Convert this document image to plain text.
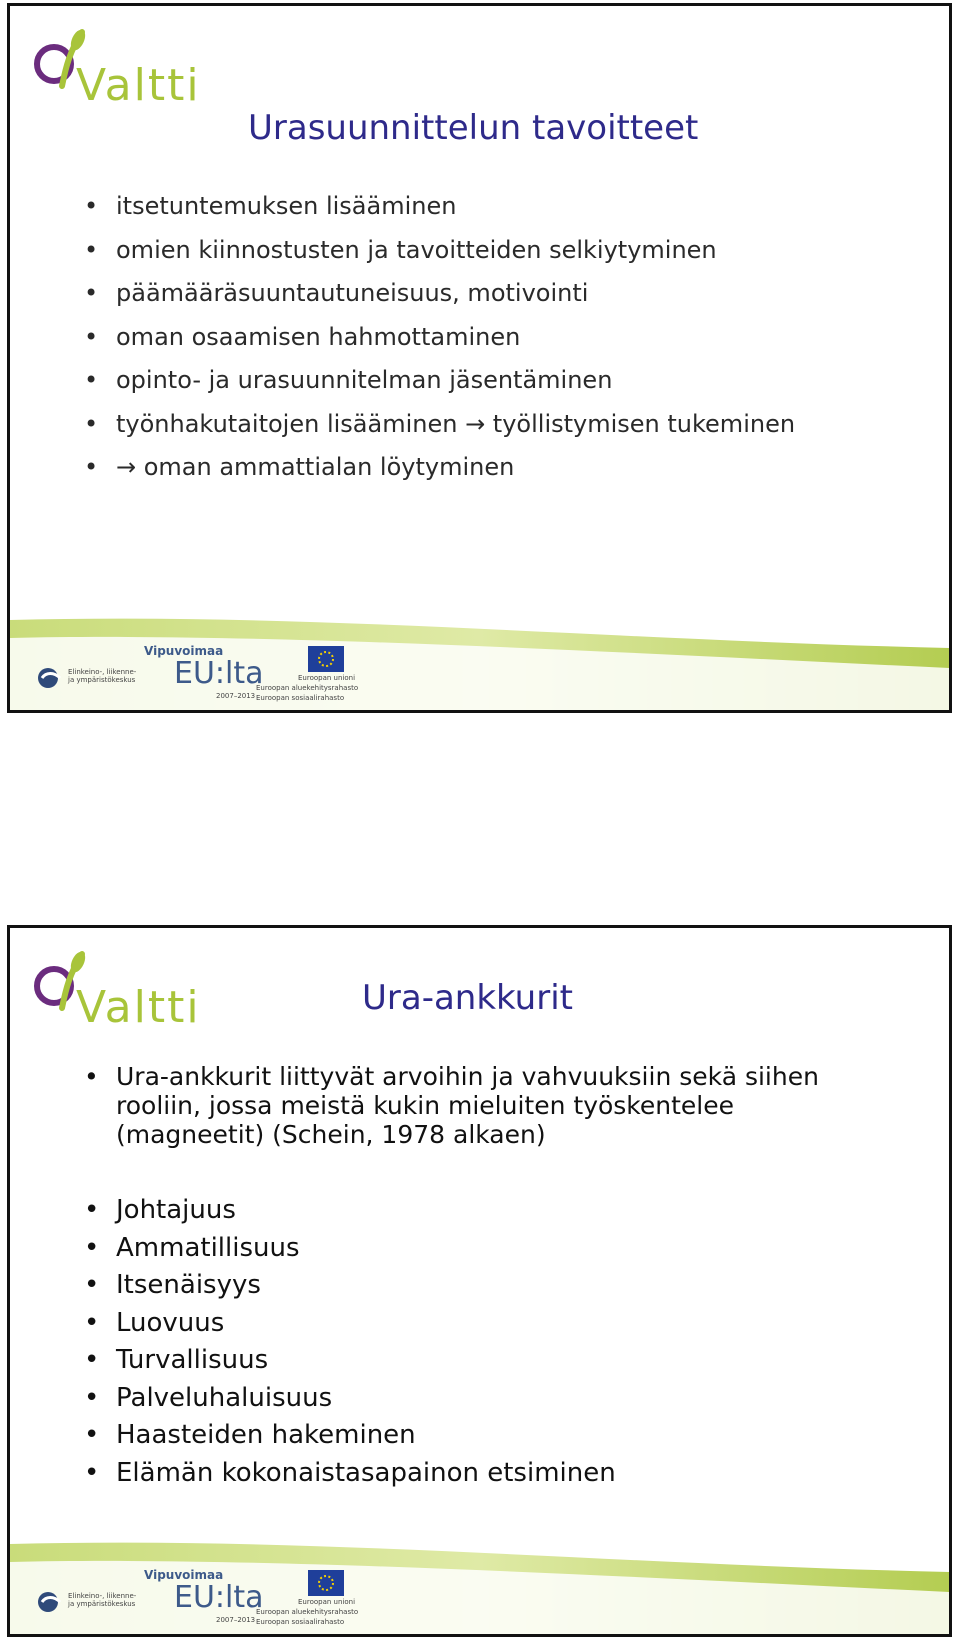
Valtti
Elinkeino-, liikenne- ja ympäristökeskus
Vipuvoimaa
EU:lta
2007–2013
Euroopan unioni
Euroopan aluekehitysrahasto
Euroopan sosiaalirahasto
Urasuunnittelun tavoitteet
• itsetuntemuksen lisääminen
• omien kiinnostusten ja tavoitteiden selkiytyminen
• päämääräsuuntautuneisuus, motivointi
• oman osaamisen hahmottaminen
• opinto- ja urasuunnitelman jäsentäminen
• työnhakutaitojen lisääminen → työllistymisen tukeminen
• → oman ammattialan löytyminen
Valtti
Elinkeino-, liikenne- ja ympäristökeskus
Vipuvoimaa
EU:lta
2007–2013
Euroopan unioni
Euroopan aluekehitysrahasto
Euroopan sosiaalirahasto
Ura-ankkurit
• Ura-ankkurit liittyvät arvoihin ja vahvuuksiin sekä siihen
rooliin, jossa meistä kukin mieluiten työskentelee
(magneetit) (Schein, 1978 alkaen)
• Johtajuus
• Ammatillisuus
• Itsenäisyys
• Luovuus
• Turvallisuus
• Palveluhaluisuus
• Haasteiden hakeminen
• Elämän kokonaistasapainon etsiminen
